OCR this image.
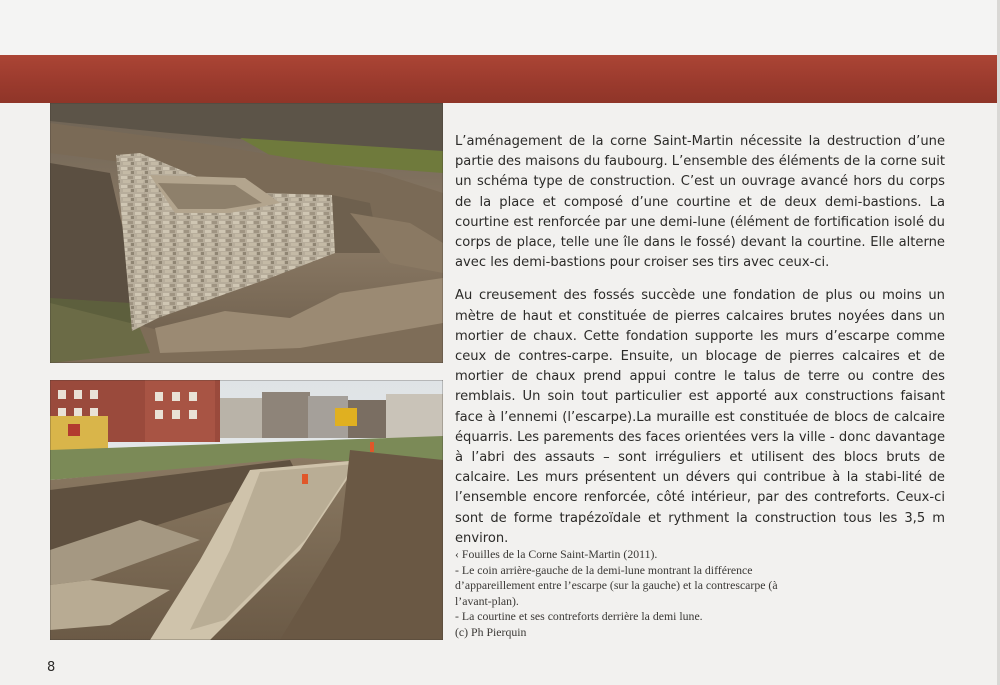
L’aménagement de la corne Saint-Martin nécessite la destruction d’une partie des maisons du faubourg. L’ensemble des éléments de la corne suit un schéma type de construction. C’est un ouvrage avancé hors du corps de la place et composé d’une courtine et de deux demi-bastions. La courtine est renforcée par une demi-lune (élément de fortification isolé du corps de place, telle une île dans le fossé) devant la courtine. Elle alterne avec les demi-bastions pour croiser ses tirs avec ceux-ci.

Au creusement des fossés succède une fondation de plus ou moins un mètre de haut et constituée de pierres calcaires brutes noyées dans un mortier de chaux. Cette fondation supporte les murs d’escarpe comme ceux de contres-carpe. Ensuite, un blocage de pierres calcaires et de mortier de chaux prend appui contre le talus de terre ou contre des remblais. Un soin tout particulier est apporté aux constructions faisant face à l’ennemi (l’escarpe).La muraille est constituée de blocs de calcaire équarris. Les parements des faces orientées vers la ville - donc davantage à l’abri des assauts – sont irréguliers et utilisent des blocs bruts de calcaire. Les murs présentent un dévers qui contribue à la stabi-lité de l’ensemble encore renforcée, côté intérieur, par des contreforts. Ceux-ci sont de forme trapézoïdale et rythment la construction tous les 3,5 m environ.

‹ Fouilles de la Corne Saint-Martin (2011).
- Le coin arrière-gauche de la demi-lune montrant la différence d’appareillement entre l’escarpe (sur la gauche) et la contrescarpe (à l’avant-plan).
- La courtine et ses contreforts derrière la demi lune.
(c) Ph Pierquin
8
